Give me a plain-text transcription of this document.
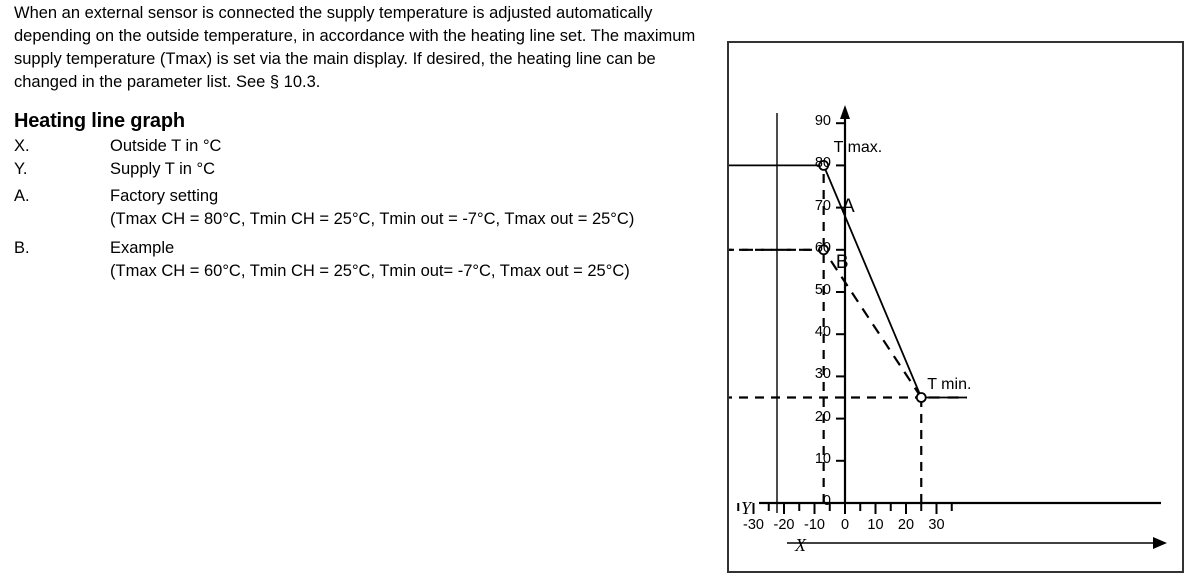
When an external sensor is connected the supply temperature is adjusted automatically depending on the outside temperature, in accordance with the heating line set. The maximum supply temperature (Tmax) is set via the main display. If desired, the heating line can be changed in the parameter list. See § 10.3.

Heating line graph
X.	Outside T in °C
Y.	Supply T in °C
A.	Factory setting
	(Tmax CH = 80°C, Tmin CH = 25°C, Tmin out = -7°C, Tmax out = 25°C)
B.	Example
	(Tmax CH = 60°C, Tmin CH = 25°C, Tmin out= -7°C, Tmax out = 25°C)
X
Y
-30 -20 -10	0	10 20 30
0
10
20
30
40
50
60
70
80
90
T max.
T min.
A
B
